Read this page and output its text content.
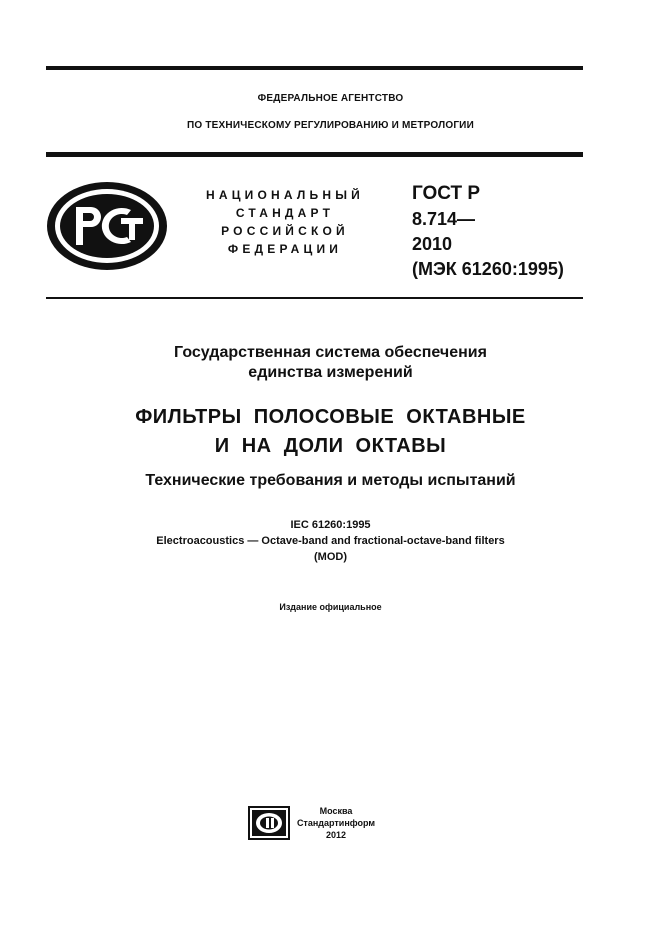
ФЕДЕРАЛЬНОЕ АГЕНТСТВО
ПО ТЕХНИЧЕСКОМУ РЕГУЛИРОВАНИЮ И МЕТРОЛОГИИ
НАЦИОНАЛЬНЫЙ
СТАНДАРТ
РОССИЙСКОЙ
ФЕДЕРАЦИИ
ГОСТ Р
8.714—
2010
(МЭК 61260:1995)
Государственная система обеспечения
единства измерений
ФИЛЬТРЫ  ПОЛОСОВЫЕ  ОКТАВНЫЕ
И  НА  ДОЛИ  ОКТАВЫ
Технические требования и методы испытаний
IEC 61260:1995
Electroacoustics — Octave-band and fractional-octave-band filters
(MOD)
Издание официальное
Москва
Стандартинформ
2012
